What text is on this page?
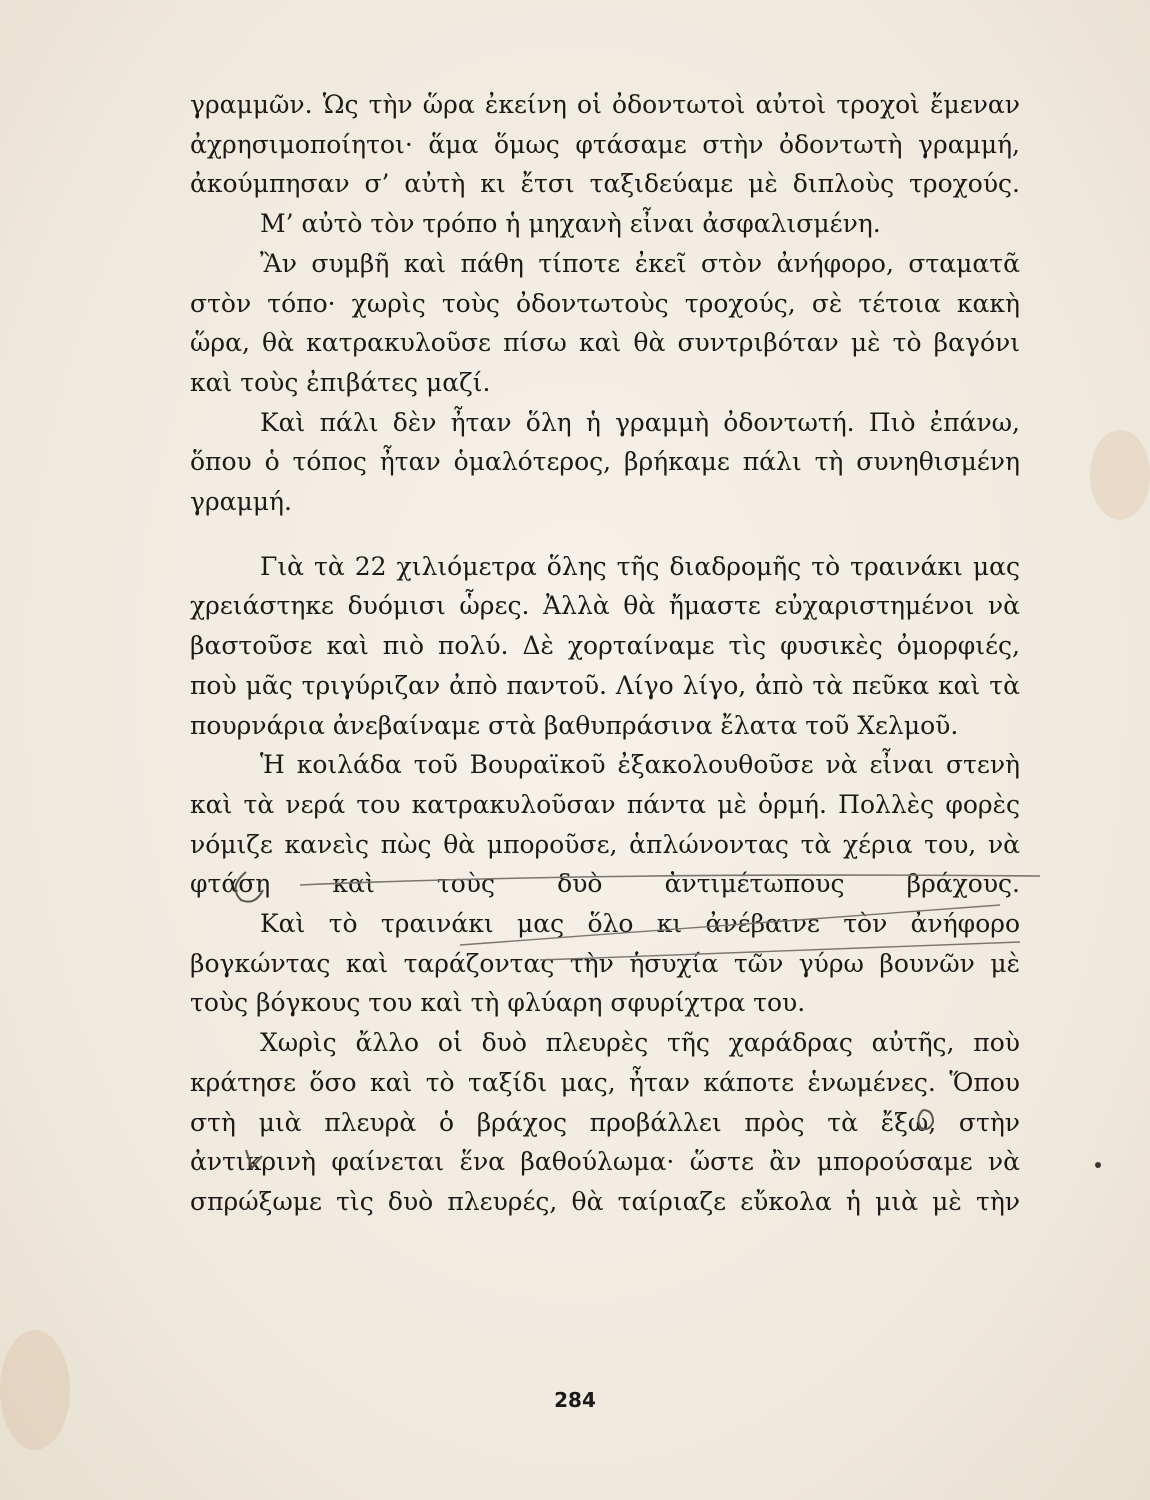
γραμμῶν. Ὡς τὴν ὥρα ἐκείνη οἱ ὀδοντωτοὶ αὐτοὶ τροχοὶ ἔμεναν ἀχρησιμοποίητοι· ἅμα ὅμως φτάσαμε στὴν ὀδοντωτὴ γραμμή, ἀκούμπησαν σ’ αὐτὴ κι ἔτσι ταξιδεύαμε μὲ διπλοὺς τροχούς.

Μ’ αὐτὸ τὸν τρόπο ἡ μηχανὴ εἶναι ἀσφαλισμένη.

Ἂν συμβῆ καὶ πάθη τίποτε ἐκεῖ στὸν ἀνήφορο, σταματᾶ στὸν τόπο· χωρὶς τοὺς ὀδοντωτοὺς τροχούς, σὲ τέτοια κακὴ ὥρα, θὰ κατρακυλοῦσε πίσω καὶ θὰ συντριβόταν μὲ τὸ βαγόνι καὶ τοὺς ἐπιβάτες μαζί.

Καὶ πάλι δὲν ἦταν ὅλη ἡ γραμμὴ ὀδοντωτή. Πιὸ ἐπάνω, ὅπου ὁ τόπος ἦταν ὁμαλότερος, βρήκαμε πάλι τὴ συνηθισμένη γραμμή.

Γιὰ τὰ 22 χιλιόμετρα ὅλης τῆς διαδρομῆς τὸ τραινάκι μας χρειάστηκε δυόμισι ὧρες. Ἀλλὰ θὰ ἤμαστε εὐχαριστημένοι νὰ βαστοῦσε καὶ πιὸ πολύ. Δὲ χορταίναμε τὶς φυσικὲς ὀμορφιές, ποὺ μᾶς τριγύριζαν ἀπὸ παντοῦ. Λίγο λίγο, ἀπὸ τὰ πεῦκα καὶ τὰ πουρνάρια ἀνεβαίναμε στὰ βαθυπράσινα ἔλατα τοῦ Χελμοῦ.

Ἡ κοιλάδα τοῦ Βουραϊκοῦ ἐξακολουθοῦσε νὰ εἶναι στενὴ καὶ τὰ νερά του κατρακυλοῦσαν πάντα μὲ ὁρμή. Πολλὲς φορὲς νόμιζε κανεὶς πὼς θὰ μποροῦσε, ἁπλώνοντας τὰ χέρια του, νὰ φτάση καὶ τοὺς δυὸ ἀντιμέτωπους βράχους.

Καὶ τὸ τραινάκι μας ὅλο κι ἀνέβαινε τὸν ἀνήφορο βογκώντας καὶ ταράζοντας τὴν ἡσυχία τῶν γύρω βουνῶν μὲ τοὺς βόγκους του καὶ τὴ φλύαρη σφυρίχτρα του.

Χωρὶς ἄλλο οἱ δυὸ πλευρὲς τῆς χαράδρας αὐτῆς, ποὺ κράτησε ὅσο καὶ τὸ ταξίδι μας, ἦταν κάποτε ἑνωμένες. Ὅπου στὴ μιὰ πλευρὰ ὁ βράχος προβάλλει πρὸς τὰ ἔξω, στὴν ἀντικρινὴ φαίνεται ἕνα βαθούλωμα· ὥστε ἂν μπορούσαμε νὰ σπρώξωμε τὶς δυὸ πλευρές, θὰ ταίριαζε εὔκολα ἡ μιὰ μὲ τὴν

284
